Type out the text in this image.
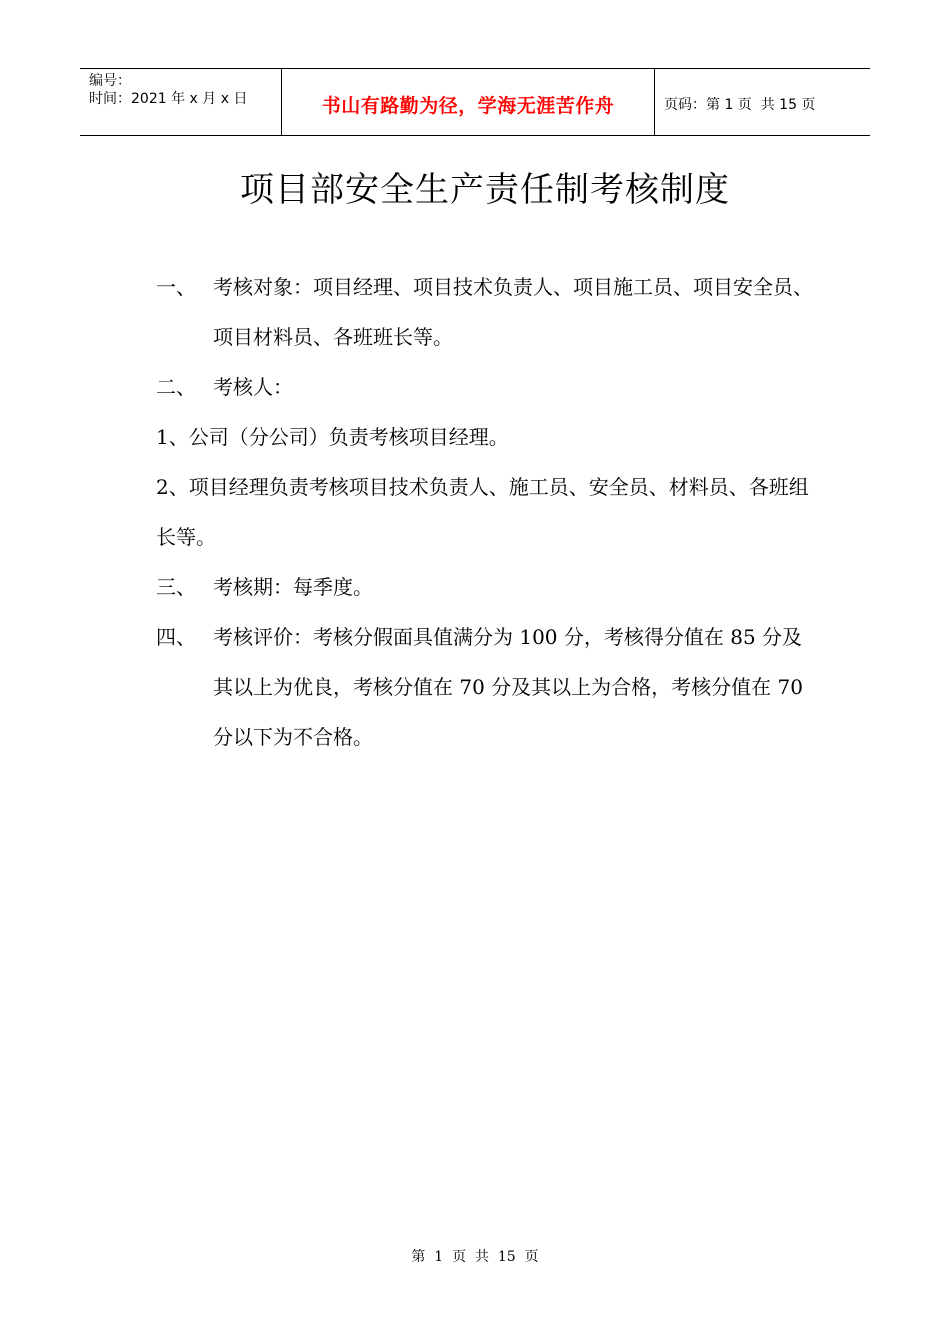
编号：
时间：2021 年 x 月 x 日	书山有路勤为径，学海无涯苦作舟	页码：第 1 页  共 15 页
项目部安全生产责任制考核制度
一、 考核对象：项目经理、项目技术负责人、项目施工员、项目安全员、项目材料员、各班班长等。
二、 考核人：
1、公司（分公司）负责考核项目经理。
2、项目经理负责考核项目技术负责人、施工员、安全员、材料员、各班组长等。
三、 考核期：每季度。
四、 考核评价：考核分假面具值满分为 100 分，考核得分值在 85 分及其以上为优良，考核分值在 70 分及其以上为合格，考核分值在 70 分以下为不合格。
第  1  页  共  15  页
